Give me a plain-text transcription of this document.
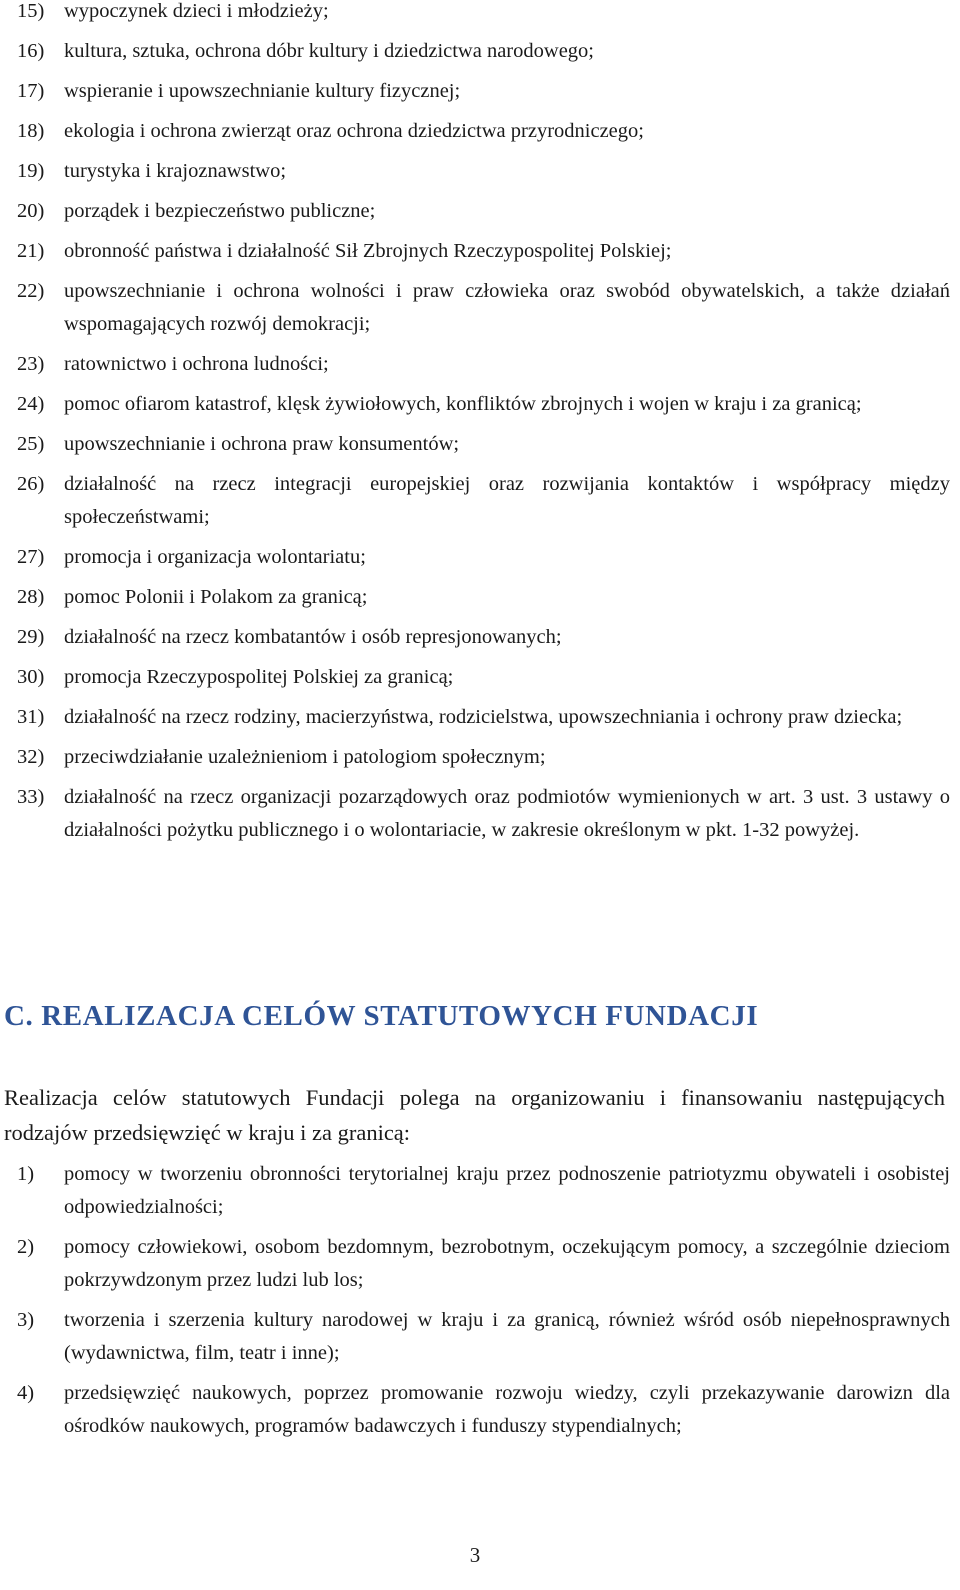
15) wypoczynek dzieci i młodzieży;
16) kultura, sztuka, ochrona dóbr kultury i dziedzictwa narodowego;
17) wspieranie i upowszechnianie kultury fizycznej;
18) ekologia i ochrona zwierząt oraz ochrona dziedzictwa przyrodniczego;
19) turystyka i krajoznawstwo;
20) porządek i bezpieczeństwo publiczne;
21) obronność państwa i działalność Sił Zbrojnych Rzeczypospolitej Polskiej;
22) upowszechnianie i ochrona wolności i praw człowieka oraz swobód obywatelskich, a także działań wspomagających rozwój demokracji;
23) ratownictwo i ochrona ludności;
24) pomoc ofiarom katastrof, klęsk żywiołowych, konfliktów zbrojnych i wojen w kraju i za granicą;
25) upowszechnianie i ochrona praw konsumentów;
26) działalność na rzecz integracji europejskiej oraz rozwijania kontaktów i współpracy między społeczeństwami;
27) promocja i organizacja wolontariatu;
28) pomoc Polonii i Polakom za granicą;
29) działalność na rzecz kombatantów i osób represjonowanych;
30) promocja Rzeczypospolitej Polskiej za granicą;
31) działalność na rzecz rodziny, macierzyństwa, rodzicielstwa, upowszechniania i ochrony praw dziecka;
32) przeciwdziałanie uzależnieniom i patologiom społecznym;
33) działalność na rzecz organizacji pozarządowych oraz podmiotów wymienionych w art. 3 ust. 3 ustawy o działalności pożytku publicznego i o wolontariacie, w zakresie określonym w pkt. 1-32 powyżej.
C. REALIZACJA CELÓW STATUTOWYCH FUNDACJI

Realizacja celów statutowych Fundacji polega na organizowaniu i finansowaniu następujących rodzajów przedsięwzięć w kraju i za granicą:

1)	pomocy w tworzeniu obronności terytorialnej kraju przez podnoszenie patriotyzmu obywateli i osobistej odpowiedzialności;
2)	pomocy człowiekowi, osobom bezdomnym, bezrobotnym, oczekującym pomocy, a szczególnie dzieciom pokrzywdzonym przez ludzi lub los;
3)	tworzenia i szerzenia kultury narodowej w kraju i za granicą, również wśród osób niepełnosprawnych (wydawnictwa, film, teatr i inne);
4)	przedsięwzięć naukowych, poprzez promowanie rozwoju wiedzy, czyli przekazywanie darowizn dla ośrodków naukowych, programów badawczych i funduszy stypendialnych;
3
